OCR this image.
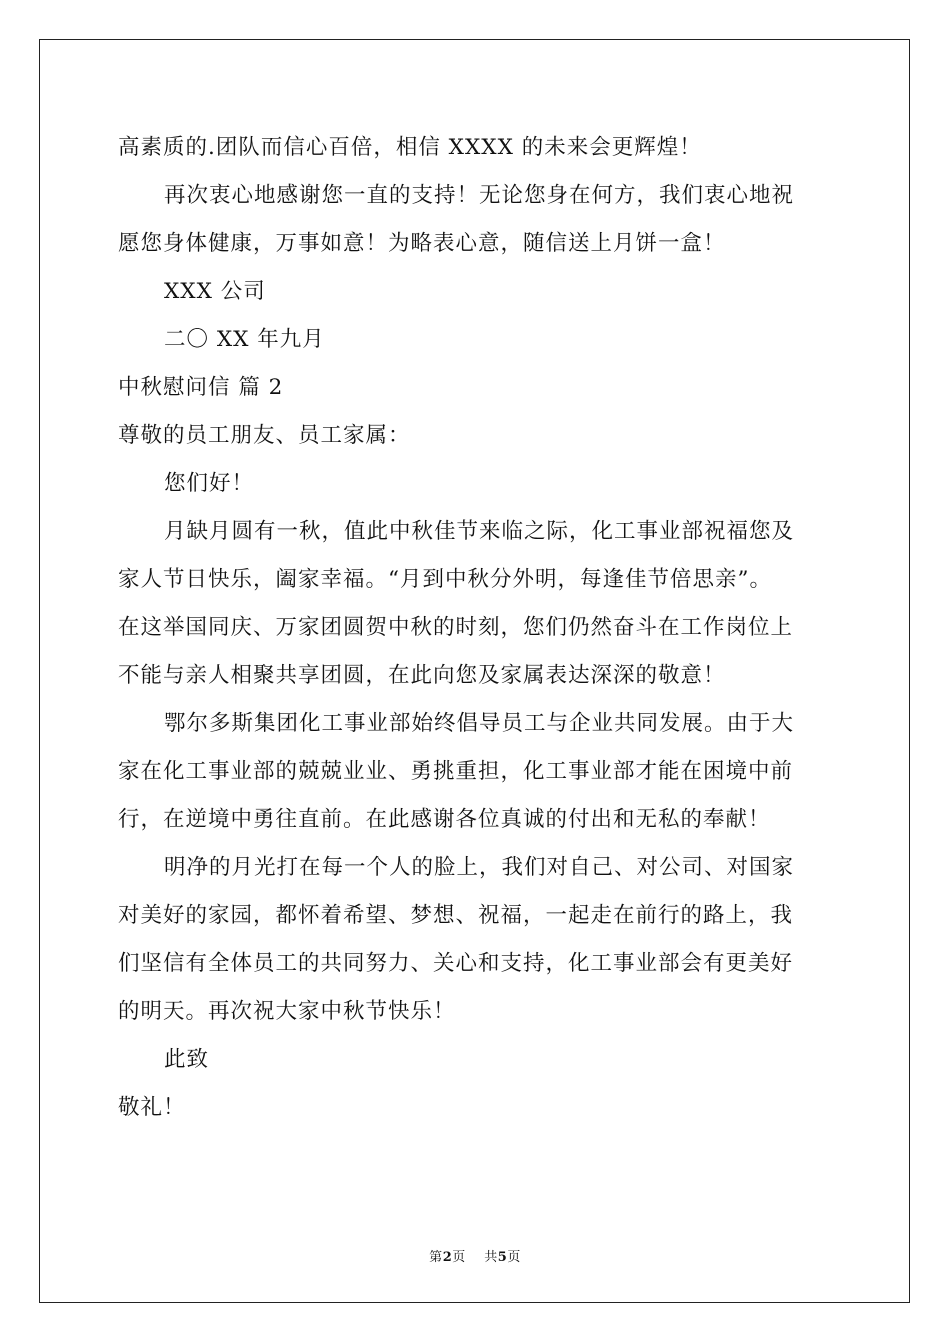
高素质的.团队而信心百倍，相信 XXXX 的未来会更辉煌！
再次衷心地感谢您一直的支持！无论您身在何方，我们衷心地祝
愿您身体健康，万事如意！为略表心意，随信送上月饼一盒！
XXX 公司
二〇 XX 年九月
中秋慰问信 篇 2
尊敬的员工朋友、员工家属：
您们好！
月缺月圆有一秋，值此中秋佳节来临之际，化工事业部祝福您及
家人节日快乐，阖家幸福。“月到中秋分外明，每逢佳节倍思亲”。
在这举国同庆、万家团圆贺中秋的时刻，您们仍然奋斗在工作岗位上
不能与亲人相聚共享团圆，在此向您及家属表达深深的敬意！
鄂尔多斯集团化工事业部始终倡导员工与企业共同发展。由于大
家在化工事业部的兢兢业业、勇挑重担，化工事业部才能在困境中前
行，在逆境中勇往直前。在此感谢各位真诚的付出和无私的奉献！
明净的月光打在每一个人的脸上，我们对自己、对公司、对国家
对美好的家园，都怀着希望、梦想、祝福，一起走在前行的路上，我
们坚信有全体员工的共同努力、关心和支持，化工事业部会有更美好
的明天。再次祝大家中秋节快乐！
此致
敬礼！
第2页    共5页
